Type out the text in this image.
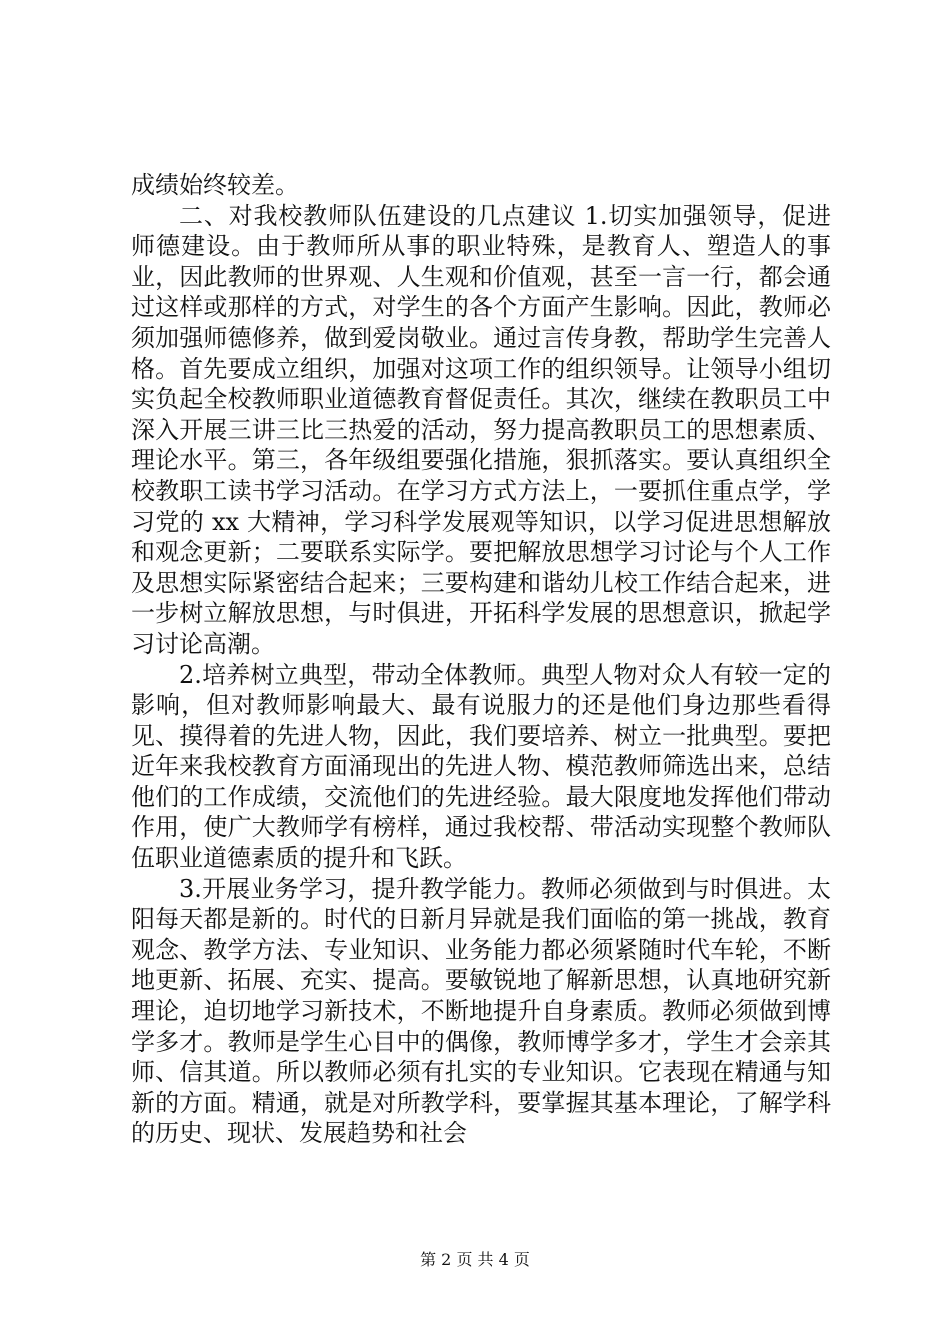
成绩始终较差。

二、对我校教师队伍建设的几点建议 1.切实加强领导，促进师德建设。由于教师所从事的职业特殊，是教育人、塑造人的事业，因此教师的世界观、人生观和价值观，甚至一言一行，都会通过这样或那样的方式，对学生的各个方面产生影响。因此，教师必须加强师德修养，做到爱岗敬业。通过言传身教，帮助学生完善人格。首先要成立组织，加强对这项工作的组织领导。让领导小组切实负起全校教师职业道德教育督促责任。其次，继续在教职员工中深入开展三讲三比三热爱的活动，努力提高教职员工的思想素质、理论水平。第三，各年级组要强化措施，狠抓落实。要认真组织全校教职工读书学习活动。在学习方式方法上，一要抓住重点学，学习党的 xx 大精神，学习科学发展观等知识，以学习促进思想解放和观念更新；二要联系实际学。要把解放思想学习讨论与个人工作及思想实际紧密结合起来；三要构建和谐幼儿校工作结合起来，进一步树立解放思想，与时俱进，开拓科学发展的思想意识，掀起学习讨论高潮。

2.培养树立典型，带动全体教师。典型人物对众人有较一定的影响，但对教师影响最大、最有说服力的还是他们身边那些看得见、摸得着的先进人物，因此，我们要培养、树立一批典型。要把近年来我校教育方面涌现出的先进人物、模范教师筛选出来，总结他们的工作成绩，交流他们的先进经验。最大限度地发挥他们带动作用，使广大教师学有榜样，通过我校帮、带活动实现整个教师队伍职业道德素质的提升和飞跃。

3.开展业务学习，提升教学能力。教师必须做到与时俱进。太阳每天都是新的。时代的日新月异就是我们面临的第一挑战，教育观念、教学方法、专业知识、业务能力都必须紧随时代车轮，不断地更新、拓展、充实、提高。要敏锐地了解新思想，认真地研究新理论，迫切地学习新技术，不断地提升自身素质。教师必须做到博学多才。教师是学生心目中的偶像，教师博学多才，学生才会亲其师、信其道。所以教师必须有扎实的专业知识。它表现在精通与知新的方面。精通，就是对所教学科，要掌握其基本理论，了解学科的历史、现状、发展趋势和社会

第 2 页 共 4 页
